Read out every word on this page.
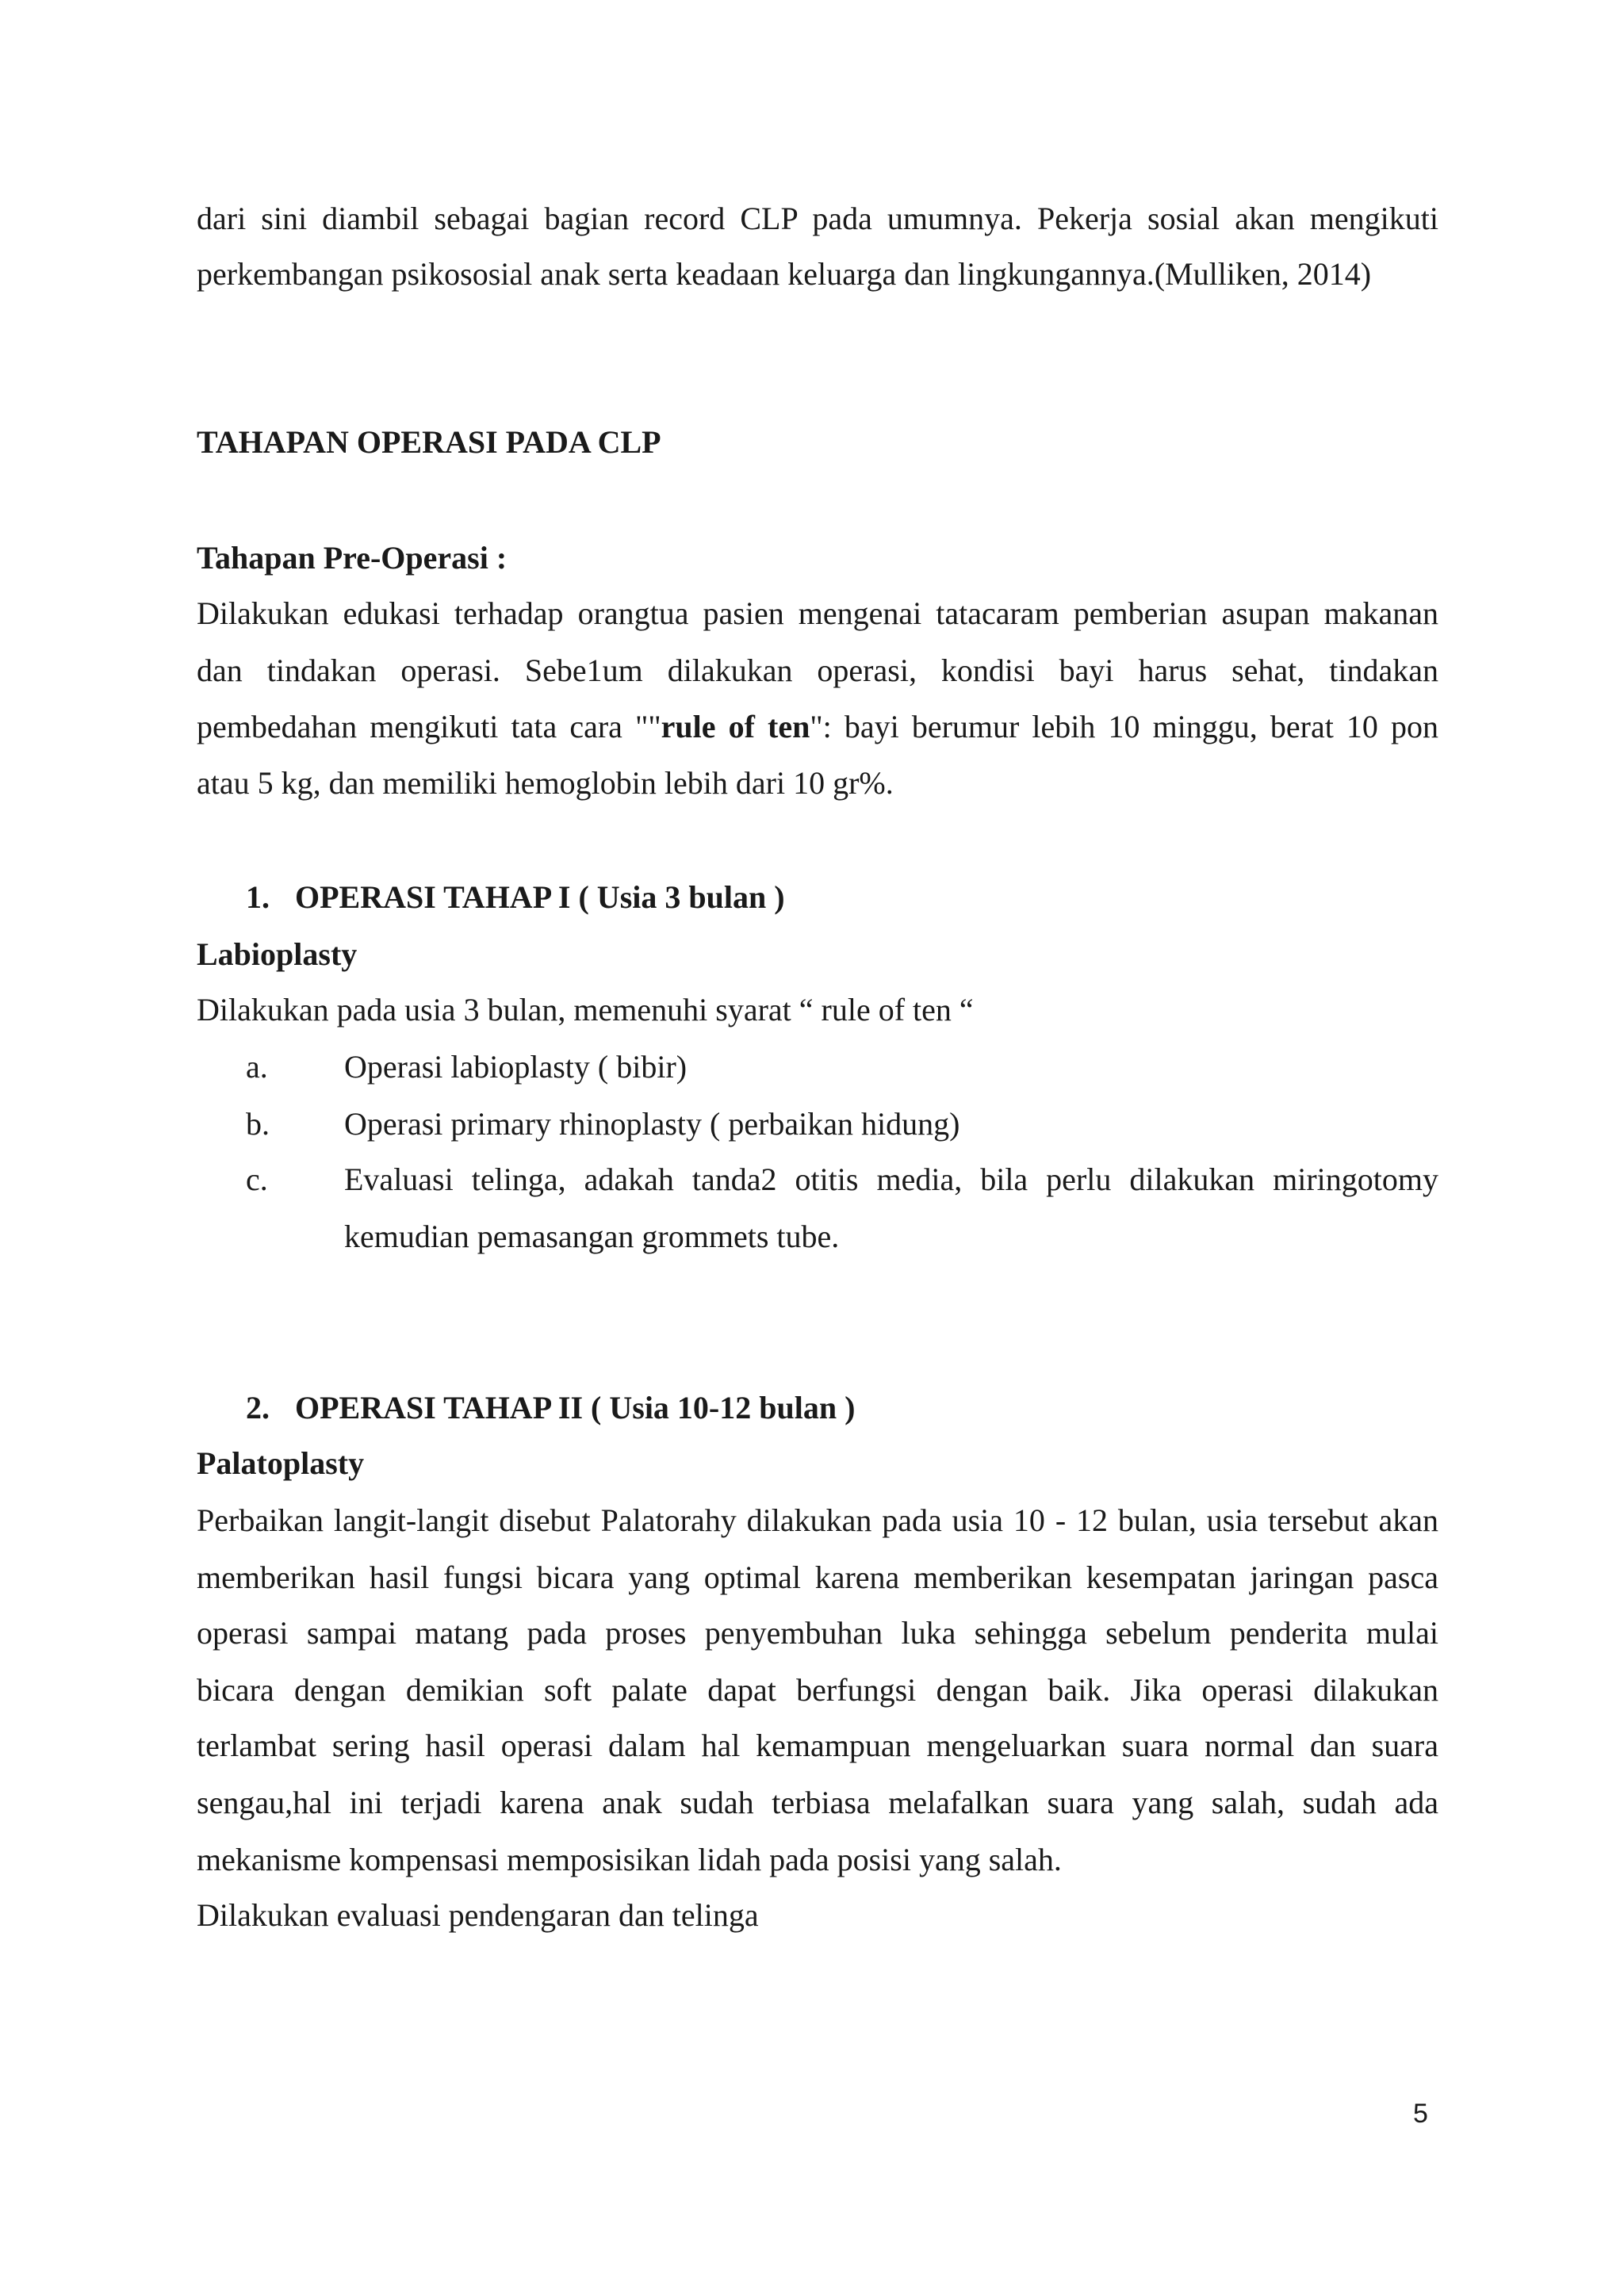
dari sini diambil sebagai bagian record CLP pada umumnya. Pekerja sosial akan mengikuti
perkembangan psikososial anak serta keadaan keluarga dan lingkungannya.(Mulliken, 2014)
TAHAPAN OPERASI PADA CLP
Tahapan Pre-Operasi :
Dilakukan edukasi terhadap orangtua pasien mengenai tatacaram pemberian asupan makanan
dan tindakan operasi. Sebe1um dilakukan operasi, kondisi bayi harus sehat, tindakan
pembedahan mengikuti tata cara ""rule of ten": bayi berumur lebih 10 minggu, berat 10 pon
atau 5 kg, dan memiliki hemoglobin lebih dari 10 gr%.
1. OPERASI TAHAP I ( Usia 3 bulan )
Labioplasty
Dilakukan pada usia 3 bulan, memenuhi syarat “ rule of ten “
a. Operasi labioplasty ( bibir)
b. Operasi primary rhinoplasty ( perbaikan hidung)
c. Evaluasi telinga, adakah tanda2 otitis media, bila perlu dilakukan miringotomy
kemudian pemasangan grommets tube.
2. OPERASI TAHAP II ( Usia 10-12 bulan )
Palatoplasty
Perbaikan langit-langit disebut Palatorahy dilakukan pada usia 10 - 12 bulan, usia tersebut akan
memberikan hasil fungsi bicara yang optimal karena memberikan kesempatan jaringan pasca
operasi sampai matang pada proses penyembuhan luka sehingga sebelum penderita mulai
bicara dengan demikian soft palate dapat berfungsi dengan baik. Jika operasi dilakukan
terlambat sering hasil operasi dalam hal kemampuan mengeluarkan suara normal dan suara
sengau,hal ini terjadi karena anak sudah terbiasa melafalkan suara yang salah, sudah ada
mekanisme kompensasi memposisikan lidah pada posisi yang salah.
Dilakukan evaluasi pendengaran dan telinga
5
